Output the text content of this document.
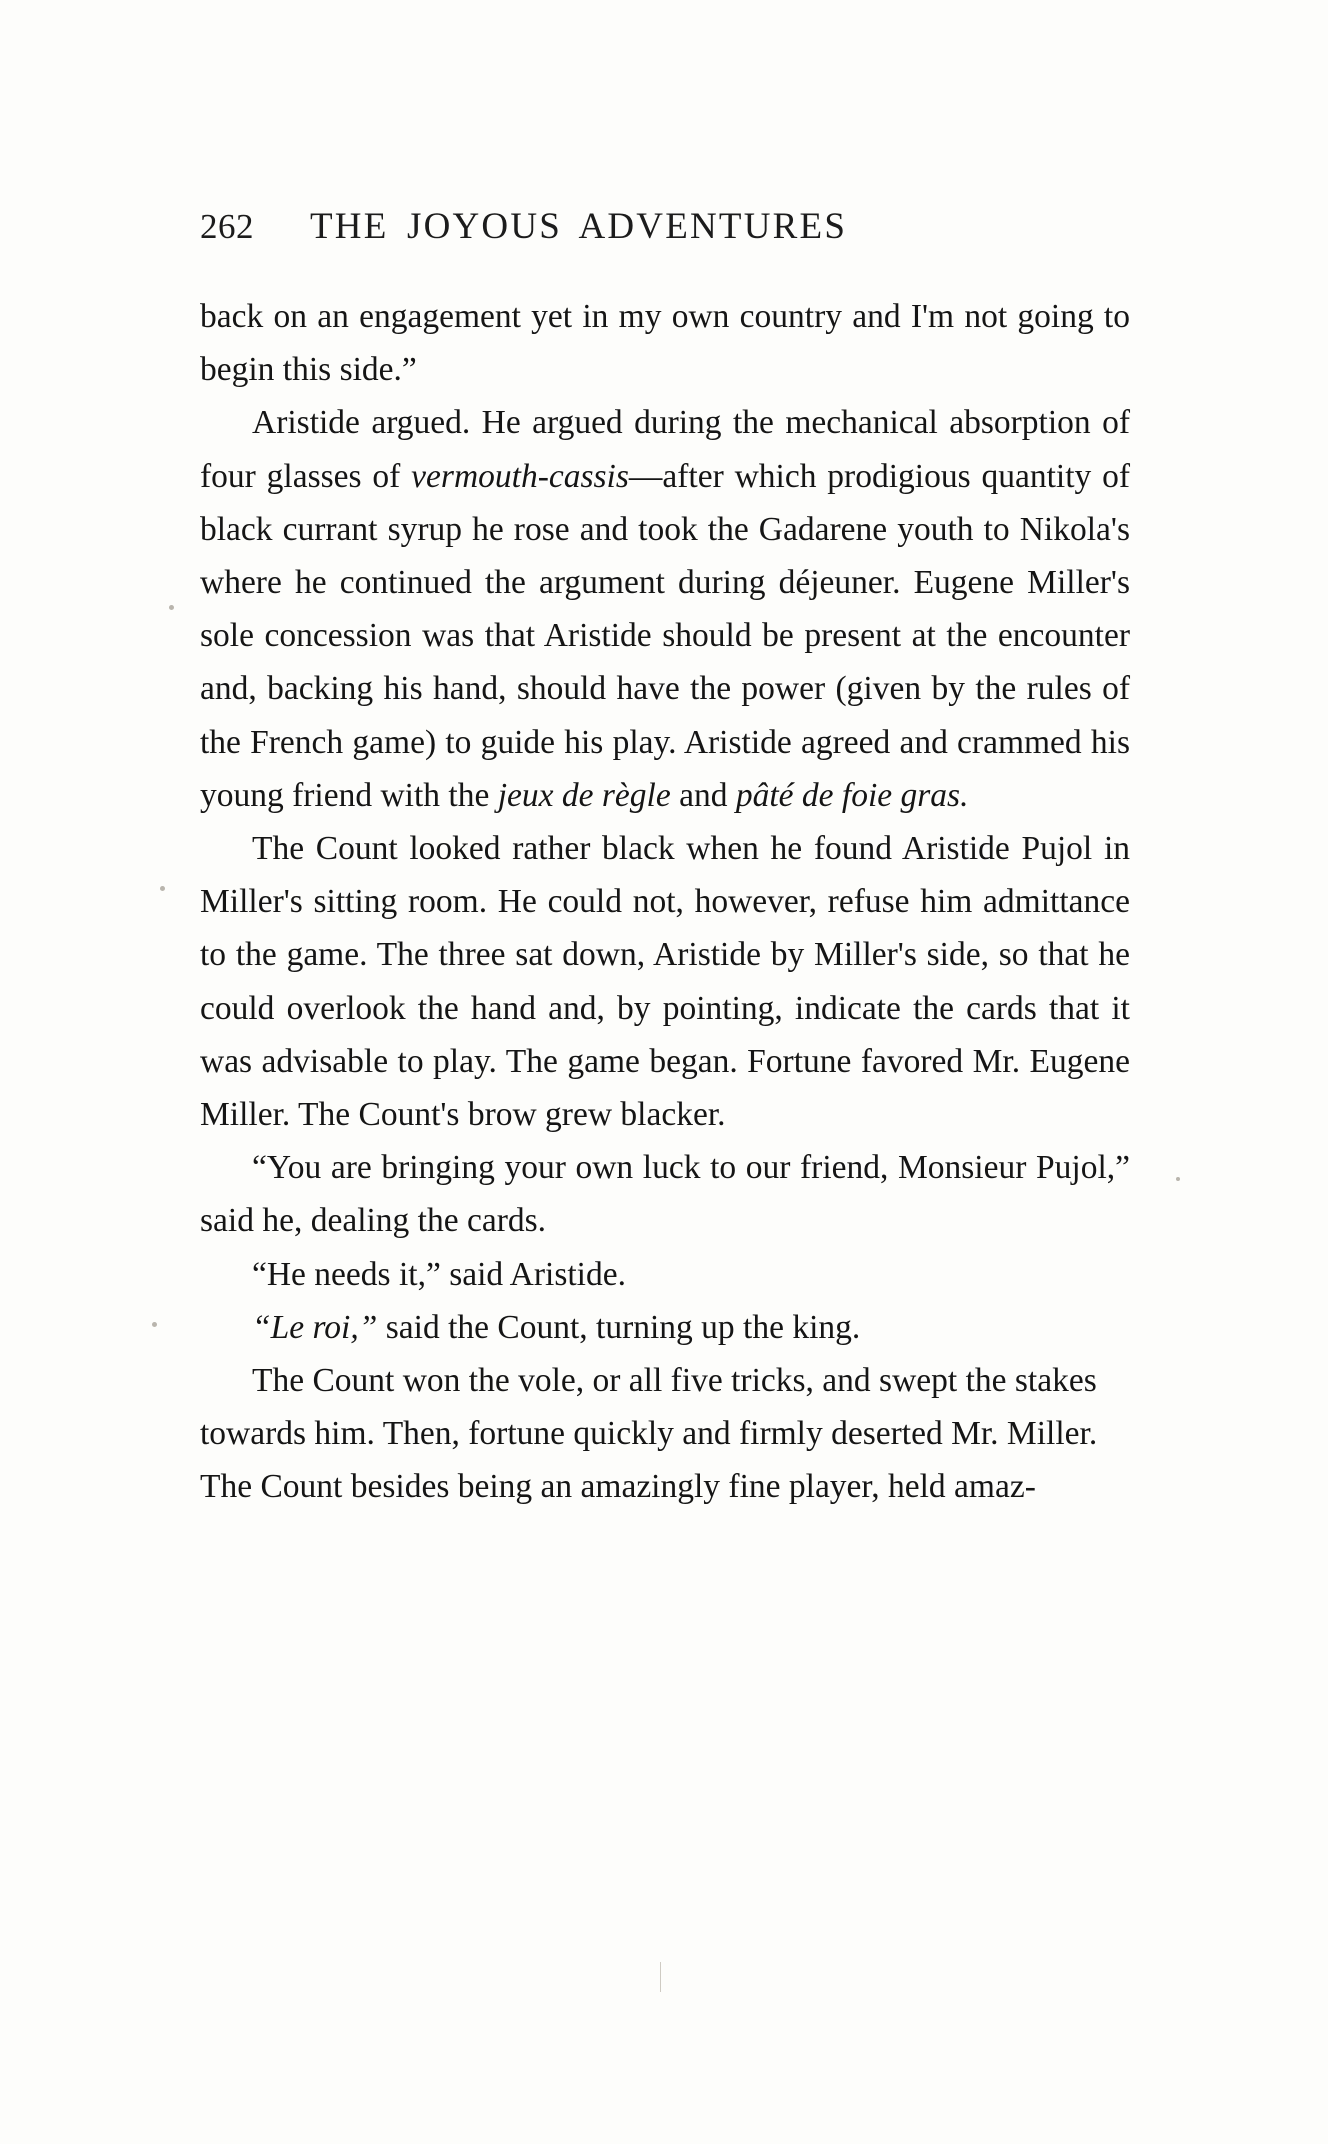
262 THE JOYOUS ADVENTURES

back on an engagement yet in my own country and I'm not going to begin this side.”

Aristide argued. He argued during the mechanical absorption of four glasses of vermouth-cassis—after which prodigious quantity of black currant syrup he rose and took the Gadarene youth to Nikola's where he continued the argument during déjeuner. Eugene Miller's sole concession was that Aristide should be present at the encounter and, backing his hand, should have the power (given by the rules of the French game) to guide his play. Aristide agreed and crammed his young friend with the jeux de règle and pâté de foie gras.

The Count looked rather black when he found Aristide Pujol in Miller's sitting room. He could not, however, refuse him admittance to the game. The three sat down, Aristide by Miller's side, so that he could overlook the hand and, by pointing, indicate the cards that it was advisable to play. The game began. Fortune favored Mr. Eugene Miller. The Count's brow grew blacker.

“You are bringing your own luck to our friend, Monsieur Pujol,” said he, dealing the cards.

“He needs it,” said Aristide.

“Le roi,” said the Count, turning up the king.

The Count won the vole, or all five tricks, and swept the stakes towards him. Then, fortune quickly and firmly deserted Mr. Miller. The Count besides being an amazingly fine player, held amaz-
